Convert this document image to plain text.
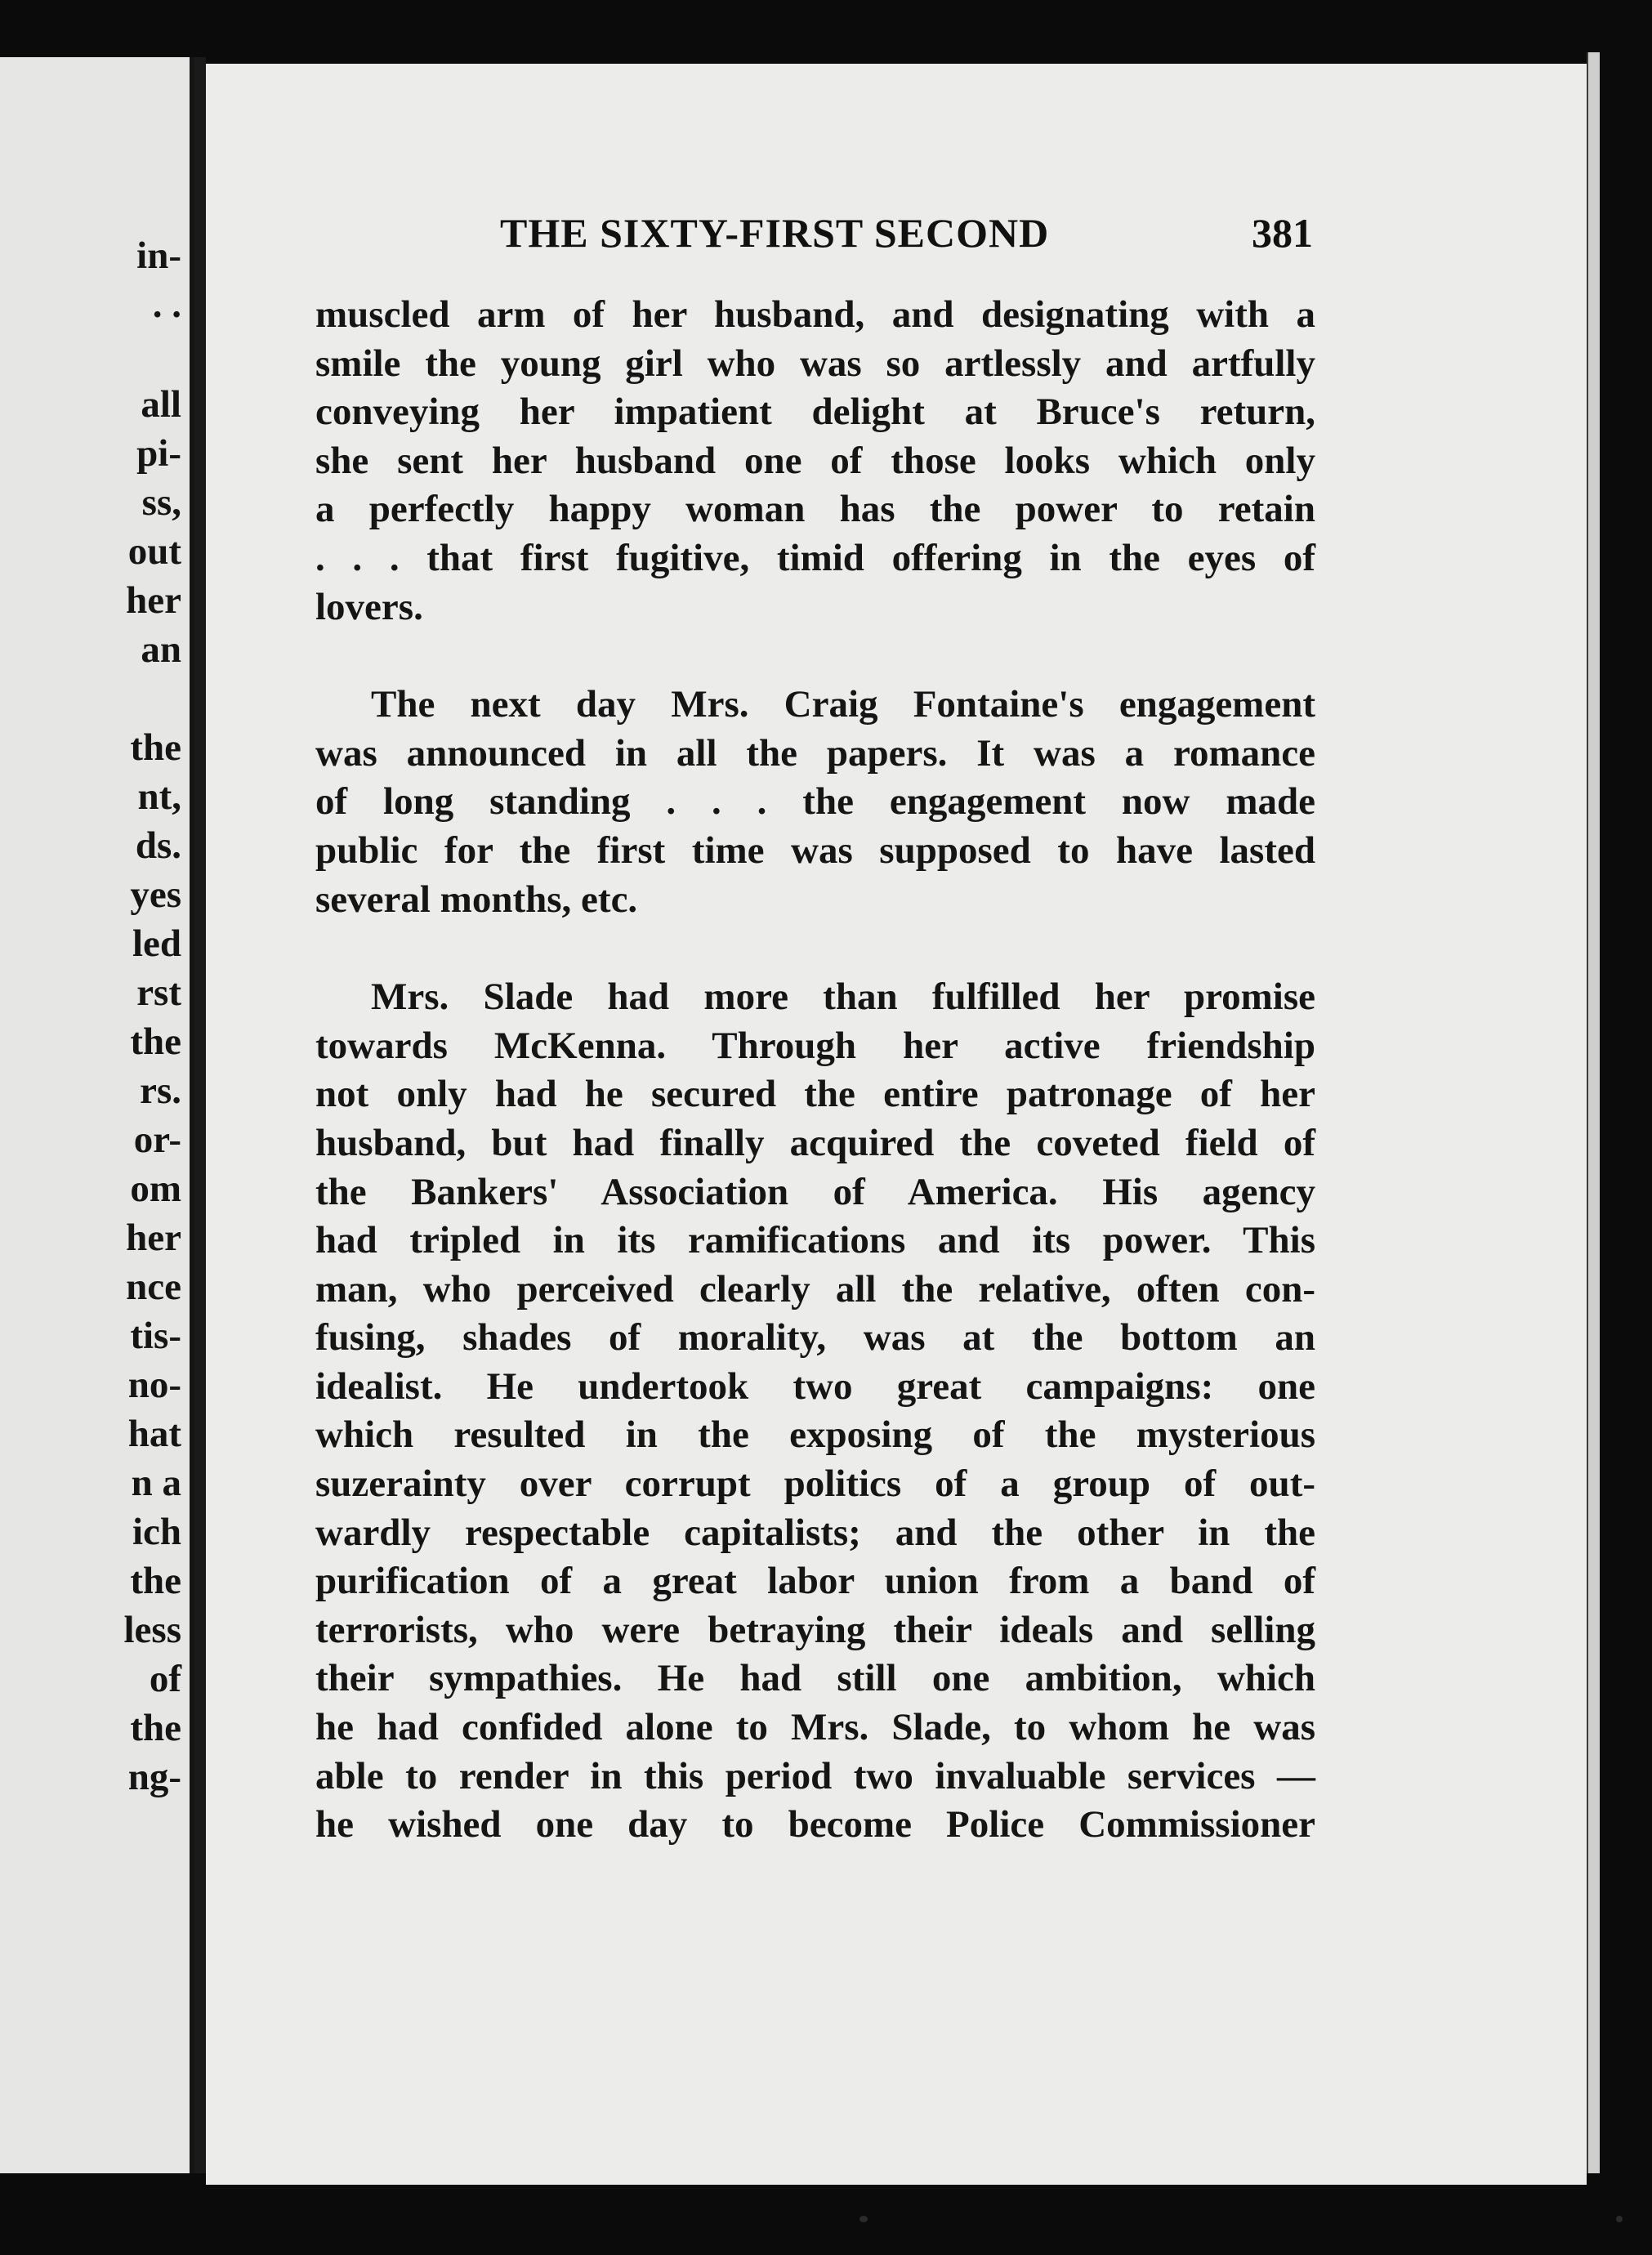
in-
. .
all
pi-
ss,
out
her
an
the
nt,
ds.
yes
led
rst
the
rs.
or-
om
her
nce
tis-
no-
hat
n a
ich
the
less
of
the
ng-
THE SIXTY-FIRST SECOND	381
muscled arm of her husband, and designating with a
smile the young girl who was so artlessly and artfully
conveying her impatient delight at Bruce's return,
she sent her husband one of those looks which only
a perfectly happy woman has the power to retain
. . . that first fugitive, timid offering in the eyes of
lovers.
The next day Mrs. Craig Fontaine's engagement
was announced in all the papers. It was a romance
of long standing . . . the engagement now made
public for the first time was supposed to have lasted
several months, etc.
Mrs. Slade had more than fulfilled her promise
towards McKenna. Through her active friendship
not only had he secured the entire patronage of her
husband, but had finally acquired the coveted field of
the Bankers' Association of America. His agency
had tripled in its ramifications and its power. This
man, who perceived clearly all the relative, often con-
fusing, shades of morality, was at the bottom an
idealist. He undertook two great campaigns: one
which resulted in the exposing of the mysterious
suzerainty over corrupt politics of a group of out-
wardly respectable capitalists; and the other in the
purification of a great labor union from a band of
terrorists, who were betraying their ideals and selling
their sympathies. He had still one ambition, which
he had confided alone to Mrs. Slade, to whom he was
able to render in this period two invaluable services —
he wished one day to become Police Commissioner
